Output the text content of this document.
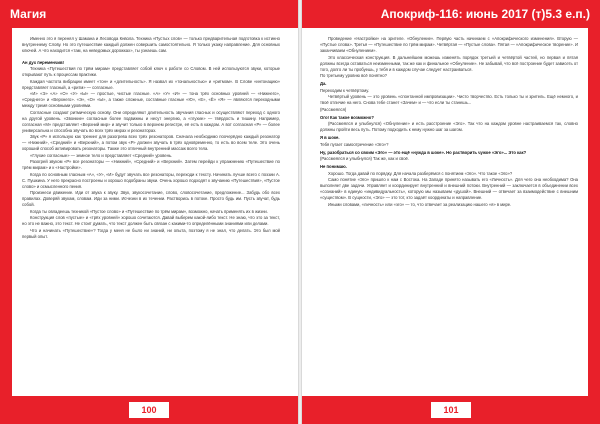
Магия

Именно это я перенял у Шамана и Лесовода Кнвола. Техника «Пустых слов» — только предварительная подготовка к истинно внутреннему Слову. Но это путешествие каждый должен совершить самостоятельно. Я только укажу направление. Для основных ключей. А что находится «там, на неведомых дорожках», ты узнаешь сам.

Ан дух переменчив!

Техника «Путешествия по трём мирам» представляет собой ключ к работе со Словом. В ней используются звуки, которые открывают путь к процессам практики.

Каждая частота вибрации имеет «тон» и «длительность». Я назвал их «тональностью» и «ритмом». В Слове «интонацию» представляет гласный, а «ритм» — согласные.

«И» «Э» «А» «О» «У» «Ы» — простые, чистые гласные. «А» «У» «И» — тона трёх основных уровней — «Нижнего», «Среднего» и «Верхнего». «Э», «О» «Ы», а также сложные, составные гласные «Ю», «Е», «Ё» «Я» — являются переходными между тремя основными уровнями.

Согласные создают ритмическую основу. Они определяют длительность звучания гласных и осуществляют переход с одного на другой уровень. «Звонкие» согласные более подвижны и несут энергию, а «глухие» — твёрдость и тишину. Например, согласная «М» представляет «Верхний мир» и звучит только в верхнем регистре, её есть в каждом. А вот согласная «Р» — более универсальна и способна звучать во всех трёх мирах и резонаторах.

Звук «Р» я использую как тренинг для разогрева всех трёх резонаторов. Сначала необходимо поочерёдно каждый резонатор — «Нижний», «Средний» и «Верхний», а потом звук «Р» должен звучать в трёх одновременно, то есть во всем теле. Это очень хороший способ активировать резонаторы. Также это отличный внутренний массаж всего тела.

«Глухие согласные» — земное тело и представляет «Средний» уровень.

Разогрей звуком «Р» все резонаторы — «Нижний», «Средний» и «Верхний». Затем перейди к упражнению «Путешествие по трём мирам» и к «Настройке».

Когда по основным гласным «А», «У», «И» будут звучать все резонаторы, переходи к тексту. Начинать лучше всего с поэзии А. С. Пушкина. У него прекрасно построены и хорошо подобраны звуки. Очень хорошо подходят к звучанию «Путешествия», «Пустое слово» и осмысленного пения.

Произнеси движение. Иди от звука к звуку. Звук, звукосочетание, слово, словосочетание, предложение... Забудь обо всех правилах. Доверяй звукам, словам. Иди за ними. Исчезни в их течении. Растворись в потоке. Просто будь им. Пусть звучат, будь собой.

Когда ты овладеешь техникой «Пустое слово» и «Путешествие по трём мирам», возможно, начать применять их в жизни.

Конструкция слов «пустые» и «трёх уровней» хорошо сочетаются. Давай выберем какой-либо текст. Не знаю, что это за текст, но это не важно, это текст. Не стоит думать, что текст должен быть связан с какими-то определёнными знаниями или делами.

Что и начинать «Путешествие»? Тогда у меня не было ни знаний, ни опыта, поэтому я не знал, что делать. Это был мой первый опыт.

100
Апокриф-116: июнь 2017 (т)5.3 е.п.)

Проведение «Настройки» на зрителе. «Обнуление». Первую часть начинаем с «Апокрифического изменения». Вторую — «Пустые слова». Третья — «Путешествие по трём мирам». Четвёртая — «Пустые слова». Пятая — «Апокрифическое творение». И заканчиваем «Обнулением».

Это классическая конструкция. В дальнейшем можешь изменять порядок третьей и четвёртой частей, но первая и пятая должны всегда оставаться неизменными, так же как и финальное «Обнуление». Не забывай, что всё построение будет зависеть от того, долго ли ты пробуешь, у тебя и в каждом случае следует настраиваться.

По третьему уровню всё понятно?

Да.

Переходим к четвёртому.

Четвёртый уровень — это уровень «спонтанной импровизации». Чисто творчество. Есть только ты и зритель. Ещё немного, и твоё отличие на него. Снова тебе станет «Зачем» и — что если ты станешь...

(Рассмеялся)

Ого! Как такое возможно?

(Рассмеялся и улыбнулся) «Обнуление» и есть расстроение «Эго». Так что на каждом уровне настраиваемся так, словно должны пройти весь путь. Потому подходить к нему нужно шаг за шагом.

Я в шоке.

Тебя пугает самоотречение «Эго»?

Ну, разобраться со своим «Эго» — это ещё «нужда в шоке». Но растворить чужое «Эго»... Это как?

(Рассмеялся и улыбнулся) Так же, как и своё.

Не понимаю.

Хорошо. Тогда давай по порядку. Для начала разберёмся с понятием «Эго». Что такое «Эго»?

Само понятие «Эго» пришло к нам с Востока. На Западе принято называть его «Личность». Для чего она необходима? Она выполняет две задачи. Управляет и координирует внутренний и внешний потоки. Внутренний — заключается в объединении всех «сознаний» в единую «индивидуальность», которую мы называем «душой». Внешний — отвечает за взаимодействие с внешним «существом». В сущности, «Эго» — это тот, кто задаёт координаты и направление.

Иными словами, «личность» или «эго» — то, что отвечает за реализацию нашего «я» в мире.

101
